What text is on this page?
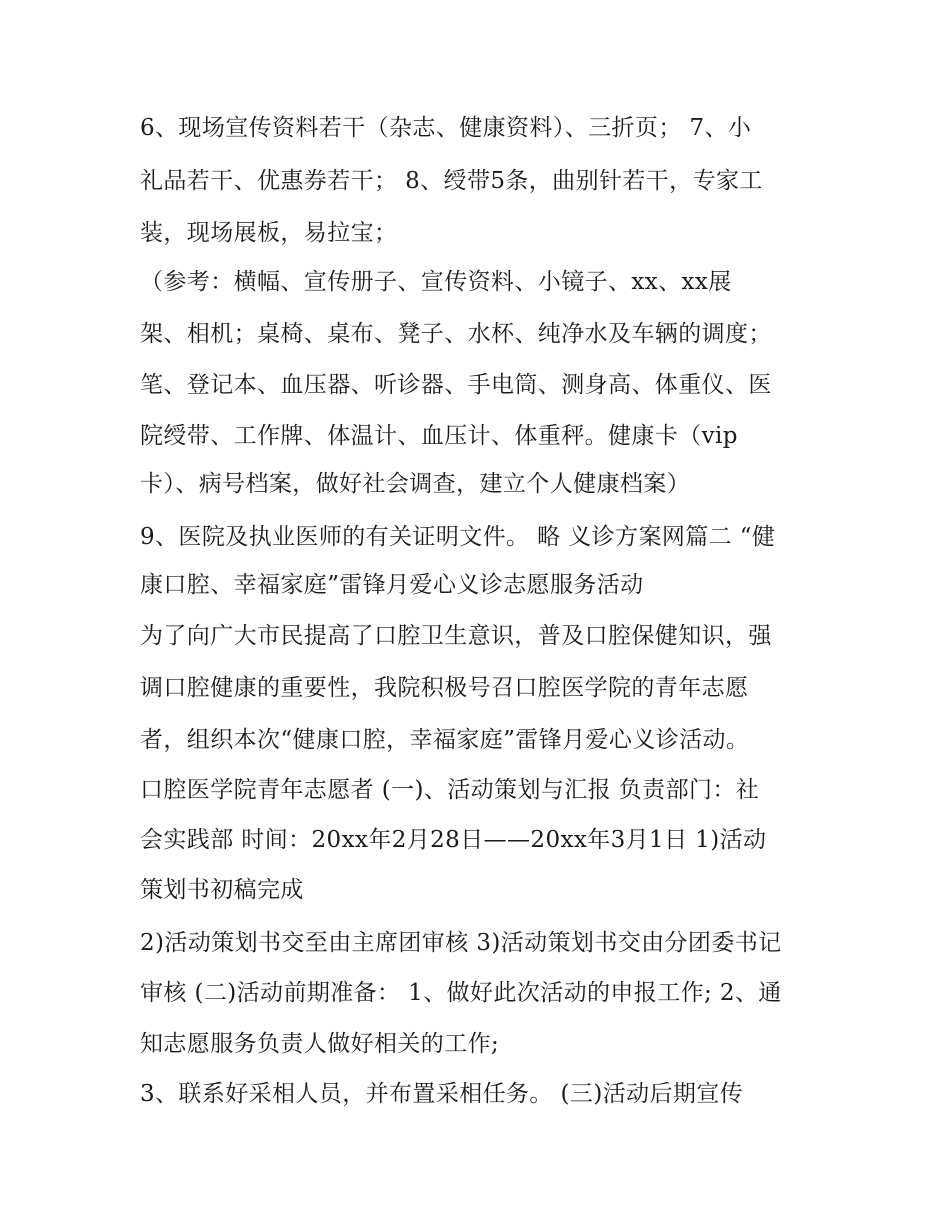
6、现场宣传资料若干（杂志、健康资料）、三折页； 7、小
礼品若干、优惠券若干； 8、绶带5条，曲别针若干，专家工
装，现场展板，易拉宝；
（参考：横幅、宣传册子、宣传资料、小镜子、xx、xx展
架、相机；桌椅、桌布、凳子、水杯、纯净水及车辆的调度；
笔、登记本、血压器、听诊器、手电筒、测身高、体重仪、医
院绶带、工作牌、体温计、血压计、体重秤。健康卡（vip
卡）、病号档案，做好社会调查，建立个人健康档案）
9、医院及执业医师的有关证明文件。 略 义诊方案网篇二 “健
康口腔、幸福家庭”雷锋月爱心义诊志愿服务活动
为了向广大市民提高了口腔卫生意识，普及口腔保健知识，强
调口腔健康的重要性，我院积极号召口腔医学院的青年志愿
者，组织本次“健康口腔，幸福家庭”雷锋月爱心义诊活动。
口腔医学院青年志愿者 (一)、活动策划与汇报 负责部门：社
会实践部 时间：20xx年2月28日——20xx年3月1日 1)活动
策划书初稿完成
2)活动策划书交至由主席团审核 3)活动策划书交由分团委书记
审核 (二)活动前期准备： 1、做好此次活动的申报工作; 2、通
知志愿服务负责人做好相关的工作;
3、联系好采相人员，并布置采相任务。 (三)活动后期宣传
